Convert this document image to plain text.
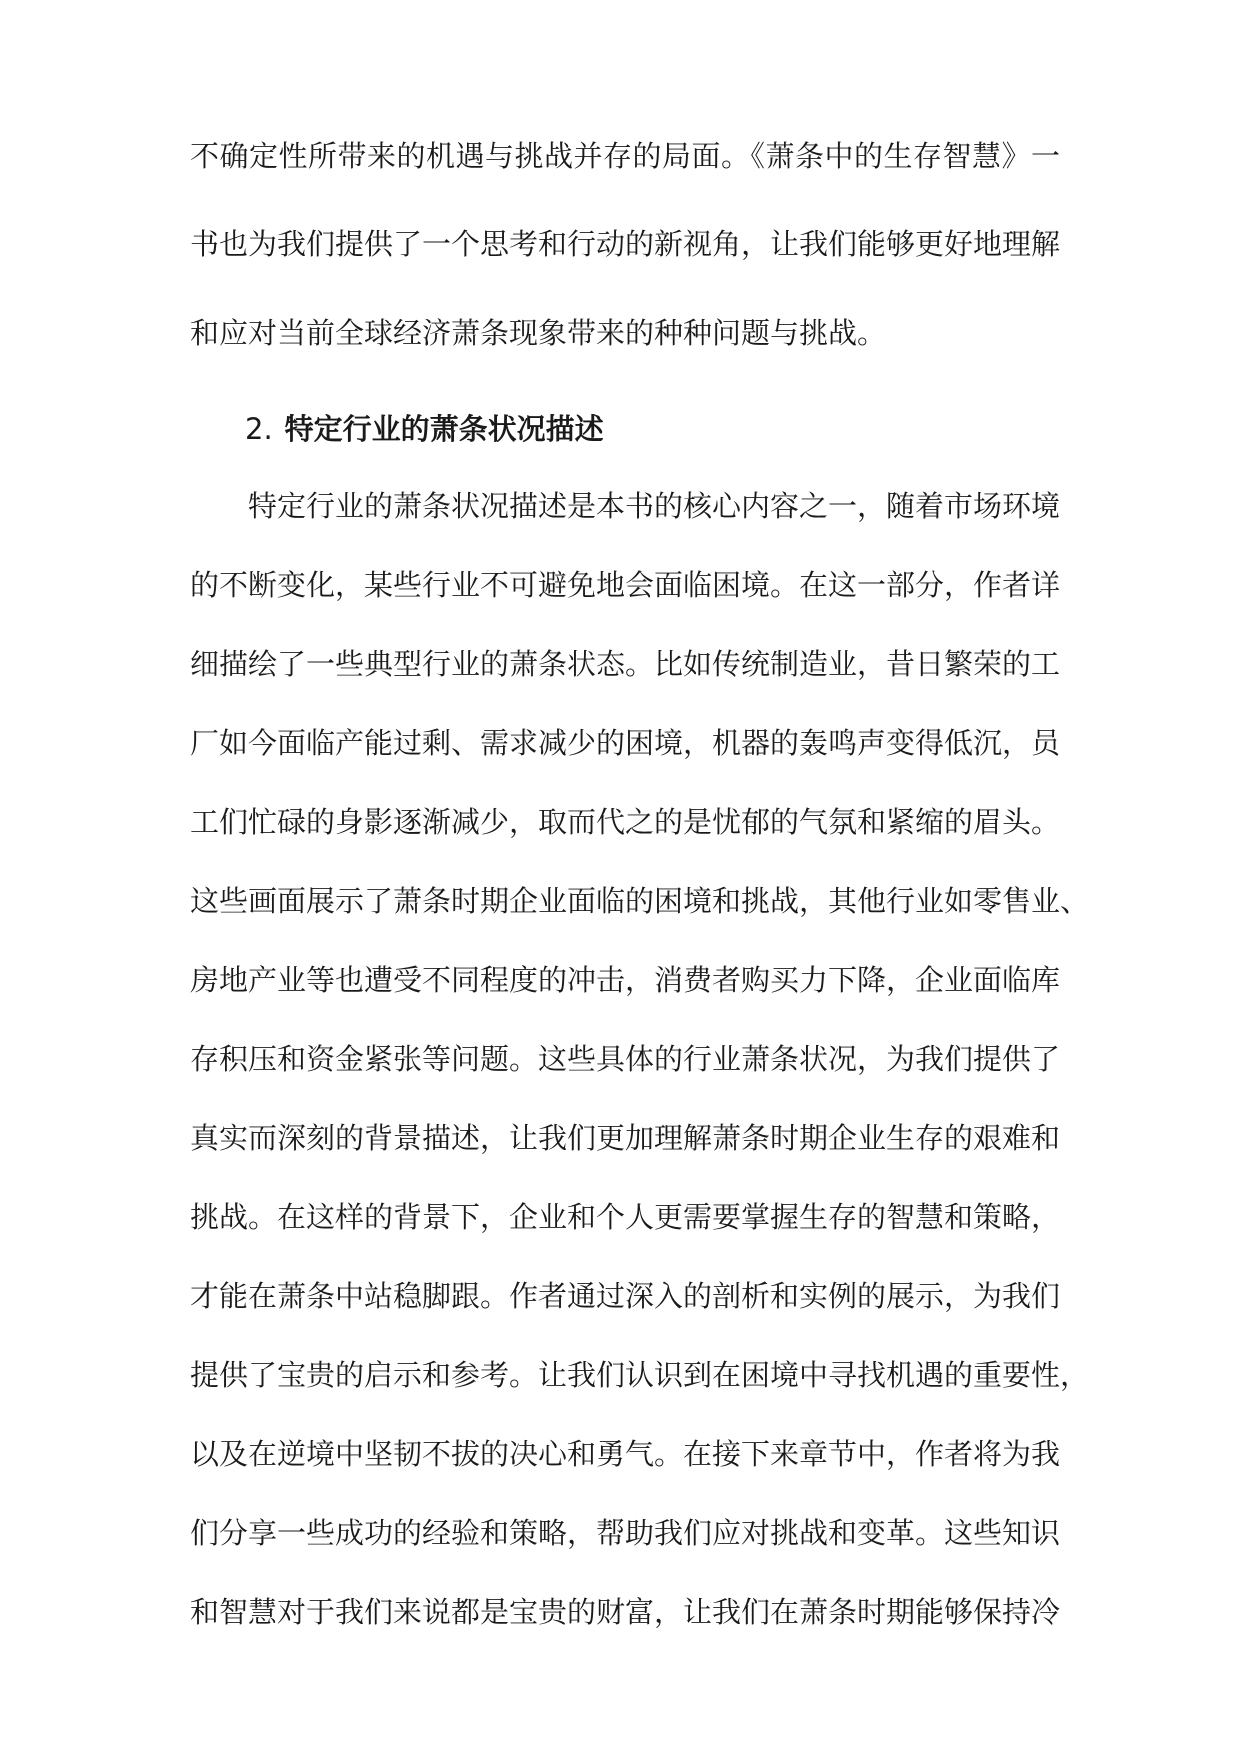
不确定性所带来的机遇与挑战并存的局面。《萧条中的生存智慧》一
书也为我们提供了一个思考和行动的新视角，让我们能够更好地理解
和应对当前全球经济萧条现象带来的种种问题与挑战。
2. 特定行业的萧条状况描述
特定行业的萧条状况描述是本书的核心内容之一，随着市场环境
的不断变化，某些行业不可避免地会面临困境。在这一部分，作者详
细描绘了一些典型行业的萧条状态。比如传统制造业，昔日繁荣的工
厂如今面临产能过剩、需求减少的困境，机器的轰鸣声变得低沉，员
工们忙碌的身影逐渐减少，取而代之的是忧郁的气氛和紧缩的眉头。
这些画面展示了萧条时期企业面临的困境和挑战，其他行业如零售业、
房地产业等也遭受不同程度的冲击，消费者购买力下降，企业面临库
存积压和资金紧张等问题。这些具体的行业萧条状况，为我们提供了
真实而深刻的背景描述，让我们更加理解萧条时期企业生存的艰难和
挑战。在这样的背景下，企业和个人更需要掌握生存的智慧和策略，
才能在萧条中站稳脚跟。作者通过深入的剖析和实例的展示，为我们
提供了宝贵的启示和参考。让我们认识到在困境中寻找机遇的重要性，
以及在逆境中坚韧不拔的决心和勇气。在接下来章节中，作者将为我
们分享一些成功的经验和策略，帮助我们应对挑战和变革。这些知识
和智慧对于我们来说都是宝贵的财富，让我们在萧条时期能够保持冷
